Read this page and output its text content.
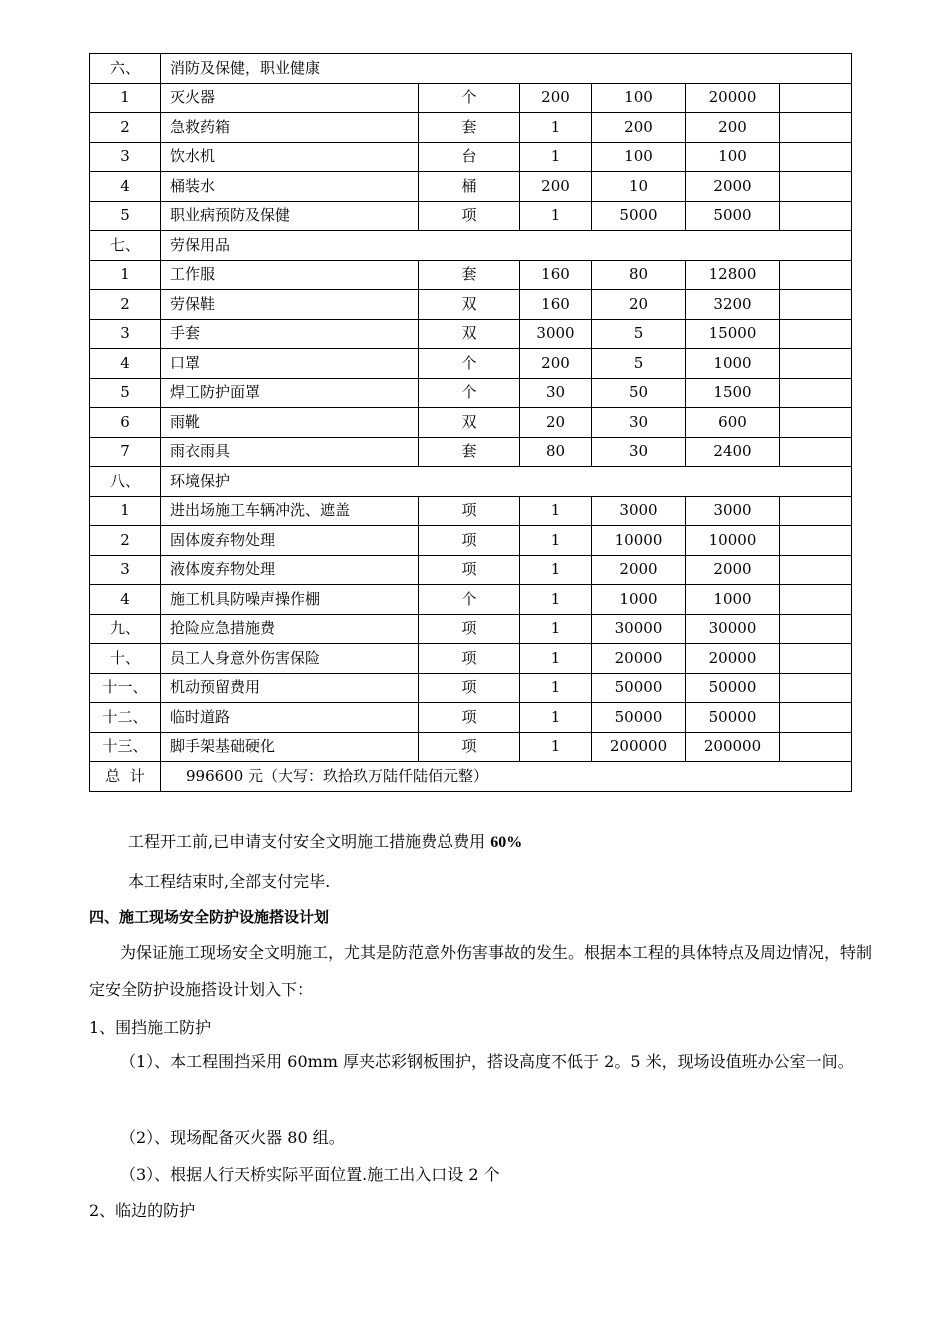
六、	消防及保健，职业健康					
1	灭火器	个	200	100	20000	
2	急救药箱	套	1	200	200	
3	饮水机	台	1	100	100	
4	桶装水	桶	200	10	2000	
5	职业病预防及保健	项	1	5000	5000	
七、	劳保用品					
1	工作服	套	160	80	12800	
2	劳保鞋	双	160	20	3200	
3	手套	双	3000	5	15000	
4	口罩	个	200	5	1000	
5	焊工防护面罩	个	30	50	1500	
6	雨靴	双	20	30	600	
7	雨衣雨具	套	80	30	2400	
八、	环境保护					
1	进出场施工车辆冲洗、遮盖	项	1	3000	3000	
2	固体废弃物处理	项	1	10000	10000	
3	液体废弃物处理	项	1	2000	2000	
4	施工机具防噪声操作棚	个	1	1000	1000	
九、	抢险应急措施费	项	1	30000	30000	
十、	员工人身意外伤害保险	项	1	20000	20000	
十一、	机动预留费用	项	1	50000	50000	
十二、	临时道路	项	1	50000	50000	
十三、	脚手架基础硬化	项	1	200000	200000	
总  计	996600 元（大写：玖拾玖万陆仟陆佰元整）					
工程开工前,已申请支付安全文明施工措施费总费用 60%
本工程结束时,全部支付完毕.
四、施工现场安全防护设施搭设计划
为保证施工现场安全文明施工，尤其是防范意外伤害事故的发生。根据本工程的具体特点及周边情况，特制定安全防护设施搭设计划入下：
1、围挡施工防护
（1）、本工程围挡采用 60mm 厚夹芯彩钢板围护，搭设高度不低于 2。5 米，现场设值班办公室一间。
（2）、现场配备灭火器 80 组。
（3）、根据人行天桥实际平面位置.施工出入口设 2 个
2、临边的防护
